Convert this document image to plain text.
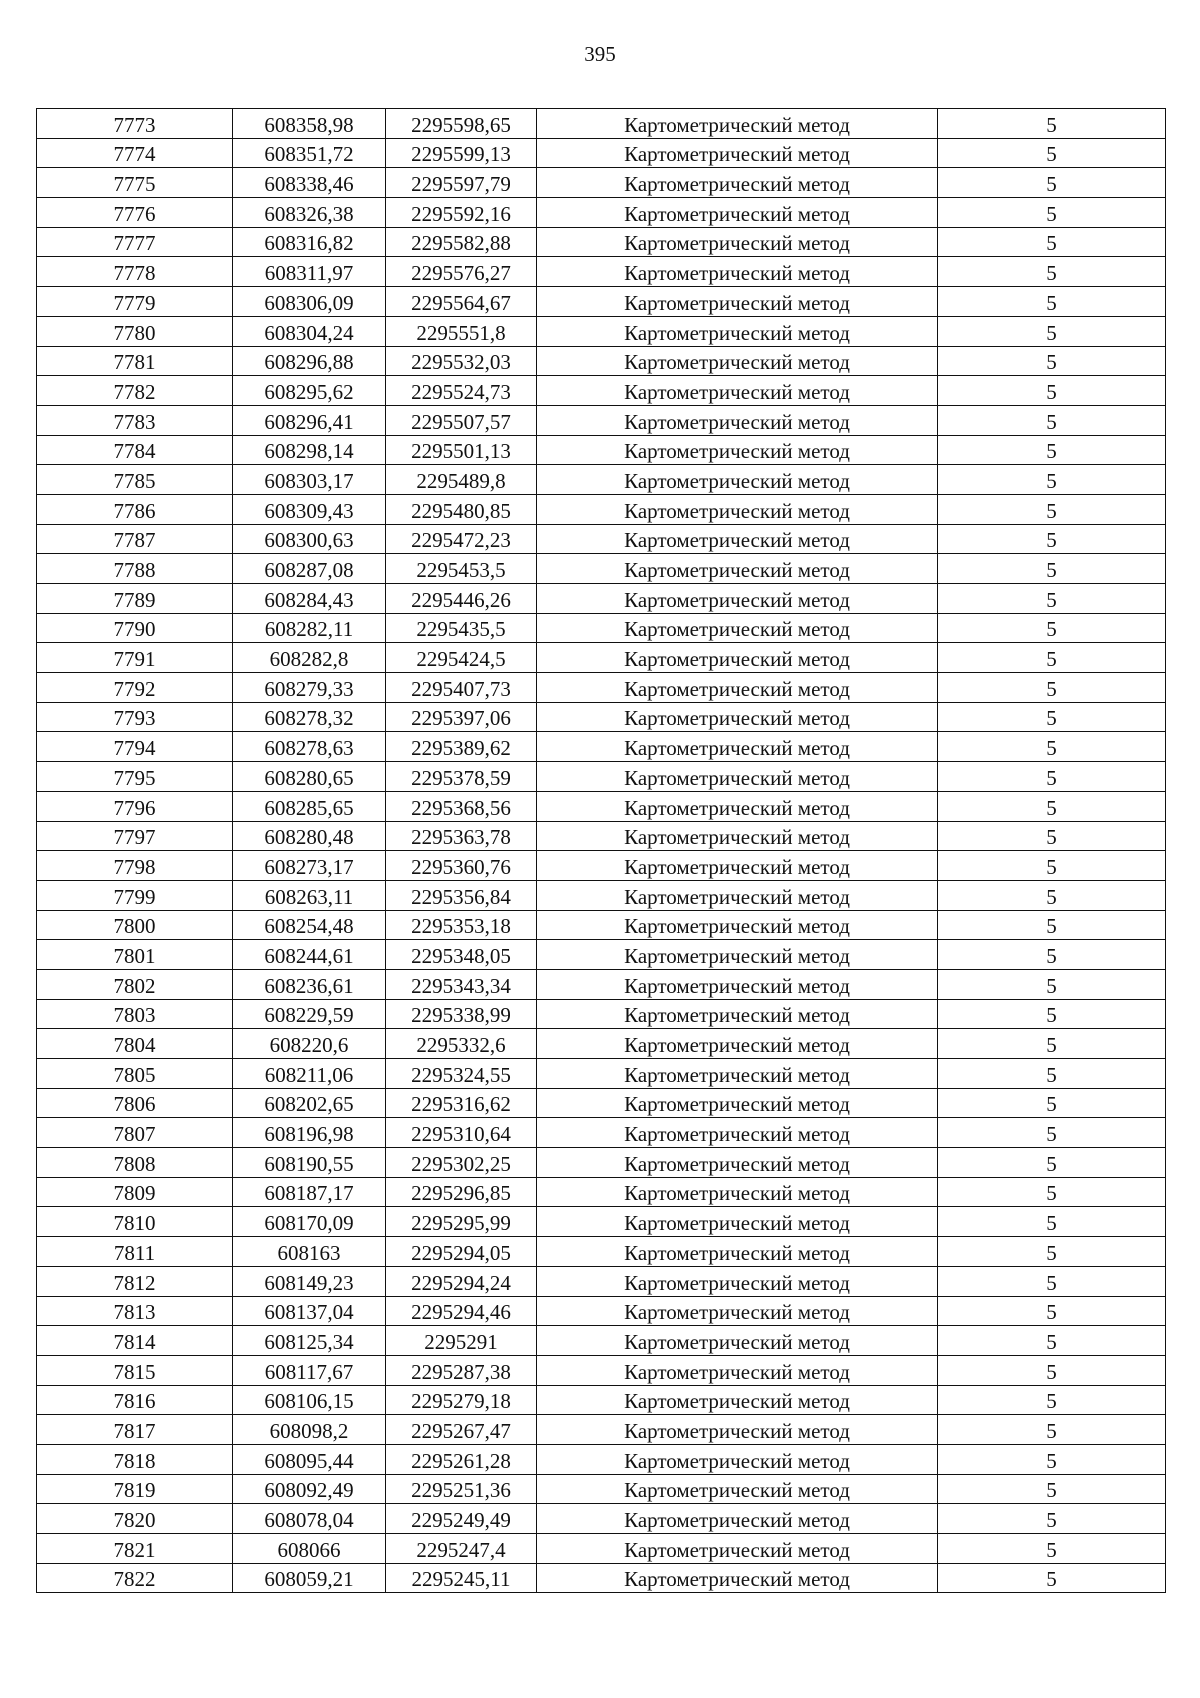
395
7773	608358,98	2295598,65	Картометрический метод	5
7774	608351,72	2295599,13	Картометрический метод	5
7775	608338,46	2295597,79	Картометрический метод	5
7776	608326,38	2295592,16	Картометрический метод	5
7777	608316,82	2295582,88	Картометрический метод	5
7778	608311,97	2295576,27	Картометрический метод	5
7779	608306,09	2295564,67	Картометрический метод	5
7780	608304,24	2295551,8	Картометрический метод	5
7781	608296,88	2295532,03	Картометрический метод	5
7782	608295,62	2295524,73	Картометрический метод	5
7783	608296,41	2295507,57	Картометрический метод	5
7784	608298,14	2295501,13	Картометрический метод	5
7785	608303,17	2295489,8	Картометрический метод	5
7786	608309,43	2295480,85	Картометрический метод	5
7787	608300,63	2295472,23	Картометрический метод	5
7788	608287,08	2295453,5	Картометрический метод	5
7789	608284,43	2295446,26	Картометрический метод	5
7790	608282,11	2295435,5	Картометрический метод	5
7791	608282,8	2295424,5	Картометрический метод	5
7792	608279,33	2295407,73	Картометрический метод	5
7793	608278,32	2295397,06	Картометрический метод	5
7794	608278,63	2295389,62	Картометрический метод	5
7795	608280,65	2295378,59	Картометрический метод	5
7796	608285,65	2295368,56	Картометрический метод	5
7797	608280,48	2295363,78	Картометрический метод	5
7798	608273,17	2295360,76	Картометрический метод	5
7799	608263,11	2295356,84	Картометрический метод	5
7800	608254,48	2295353,18	Картометрический метод	5
7801	608244,61	2295348,05	Картометрический метод	5
7802	608236,61	2295343,34	Картометрический метод	5
7803	608229,59	2295338,99	Картометрический метод	5
7804	608220,6	2295332,6	Картометрический метод	5
7805	608211,06	2295324,55	Картометрический метод	5
7806	608202,65	2295316,62	Картометрический метод	5
7807	608196,98	2295310,64	Картометрический метод	5
7808	608190,55	2295302,25	Картометрический метод	5
7809	608187,17	2295296,85	Картометрический метод	5
7810	608170,09	2295295,99	Картометрический метод	5
7811	608163	2295294,05	Картометрический метод	5
7812	608149,23	2295294,24	Картометрический метод	5
7813	608137,04	2295294,46	Картометрический метод	5
7814	608125,34	2295291	Картометрический метод	5
7815	608117,67	2295287,38	Картометрический метод	5
7816	608106,15	2295279,18	Картометрический метод	5
7817	608098,2	2295267,47	Картометрический метод	5
7818	608095,44	2295261,28	Картометрический метод	5
7819	608092,49	2295251,36	Картометрический метод	5
7820	608078,04	2295249,49	Картометрический метод	5
7821	608066	2295247,4	Картометрический метод	5
7822	608059,21	2295245,11	Картометрический метод	5
